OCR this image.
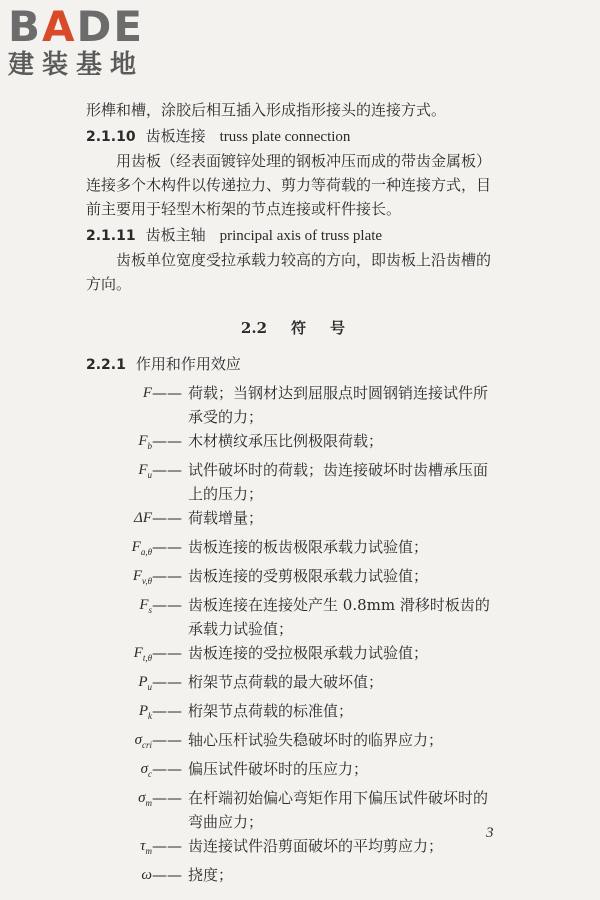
BADE
建装基地

形榫和槽，涂胶后相互插入形成指形接头的连接方式。

2.1.10 齿板连接 truss plate connection

用齿板（经表面镀锌处理的钢板冲压而成的带齿金属板）连接多个木构件以传递拉力、剪力等荷载的一种连接方式，目前主要用于轻型木桁架的节点连接或杆件接长。

2.1.11 齿板主轴 principal axis of truss plate

齿板单位宽度受拉承载力较高的方向，即齿板上沿齿槽的方向。

2.2 符 号

2.2.1 作用和作用效应

F —— 荷载；当钢材达到屈服点时圆钢销连接试件所承受的力；
$F_b$ —— 木材横纹承压比例极限荷载；
$F_u$ —— 试件破坏时的荷载；齿连接破坏时齿槽承压面上的压力；
ΔF —— 荷载增量；
$F_{a,\theta}$ —— 齿板连接的板齿极限承载力试验值；
$F_{v,\theta}$ —— 齿板连接的受剪极限承载力试验值；
$F_s$ —— 齿板连接在连接处产生 0.8mm 滑移时板齿的承载力试验值；
$F_{t,\theta}$ —— 齿板连接的受拉极限承载力试验值；
$P_u$ —— 桁架节点荷载的最大破坏值；
$P_k$ —— 桁架节点荷载的标准值；
$\sigma_{cri}$ —— 轴心压杆试验失稳破坏时的临界应力；
$\sigma_c$ —— 偏压试件破坏时的压应力；
$\sigma_m$ —— 在杆端初始偏心弯矩作用下偏压试件破坏时的弯曲应力；
$\tau_m$ —— 齿连接试件沿剪面破坏的平均剪应力；
ω —— 挠度；
3
